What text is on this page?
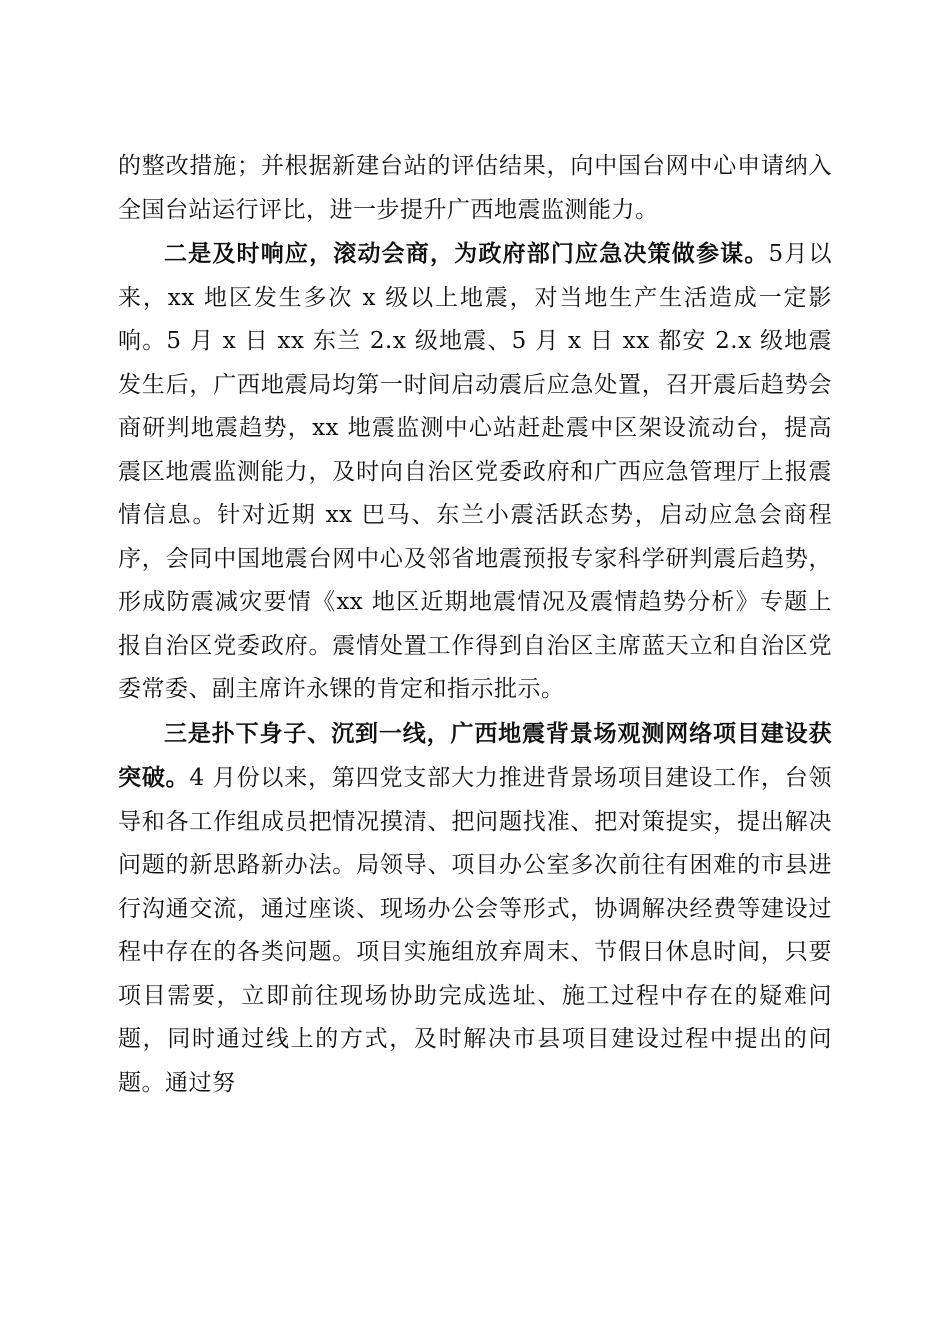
的整改措施；并根据新建台站的评估结果，向中国台网中心申请纳入全国台站运行评比，进一步提升广西地震监测能力。

二是及时响应，滚动会商，为政府部门应急决策做参谋。5月以来，xx 地区发生多次 x 级以上地震，对当地生产生活造成一定影响。5 月 x 日 xx 东兰 2.x 级地震、5 月 x 日 xx 都安 2.x 级地震发生后，广西地震局均第一时间启动震后应急处置，召开震后趋势会商研判地震趋势，xx 地震监测中心站赶赴震中区架设流动台，提高震区地震监测能力，及时向自治区党委政府和广西应急管理厅上报震情信息。针对近期 xx 巴马、东兰小震活跃态势，启动应急会商程序，会同中国地震台网中心及邻省地震预报专家科学研判震后趋势，形成防震减灾要情《xx 地区近期地震情况及震情趋势分析》专题上报自治区党委政府。震情处置工作得到自治区主席蓝天立和自治区党委常委、副主席许永锞的肯定和指示批示。

三是扑下身子、沉到一线，广西地震背景场观测网络项目建设获突破。4 月份以来，第四党支部大力推进背景场项目建设工作，台领导和各工作组成员把情况摸清、把问题找准、把对策提实，提出解决问题的新思路新办法。局领导、项目办公室多次前往有困难的市县进行沟通交流，通过座谈、现场办公会等形式，协调解决经费等建设过程中存在的各类问题。项目实施组放弃周末、节假日休息时间，只要项目需要，立即前往现场协助完成选址、施工过程中存在的疑难问题，同时通过线上的方式，及时解决市县项目建设过程中提出的问题。通过努
